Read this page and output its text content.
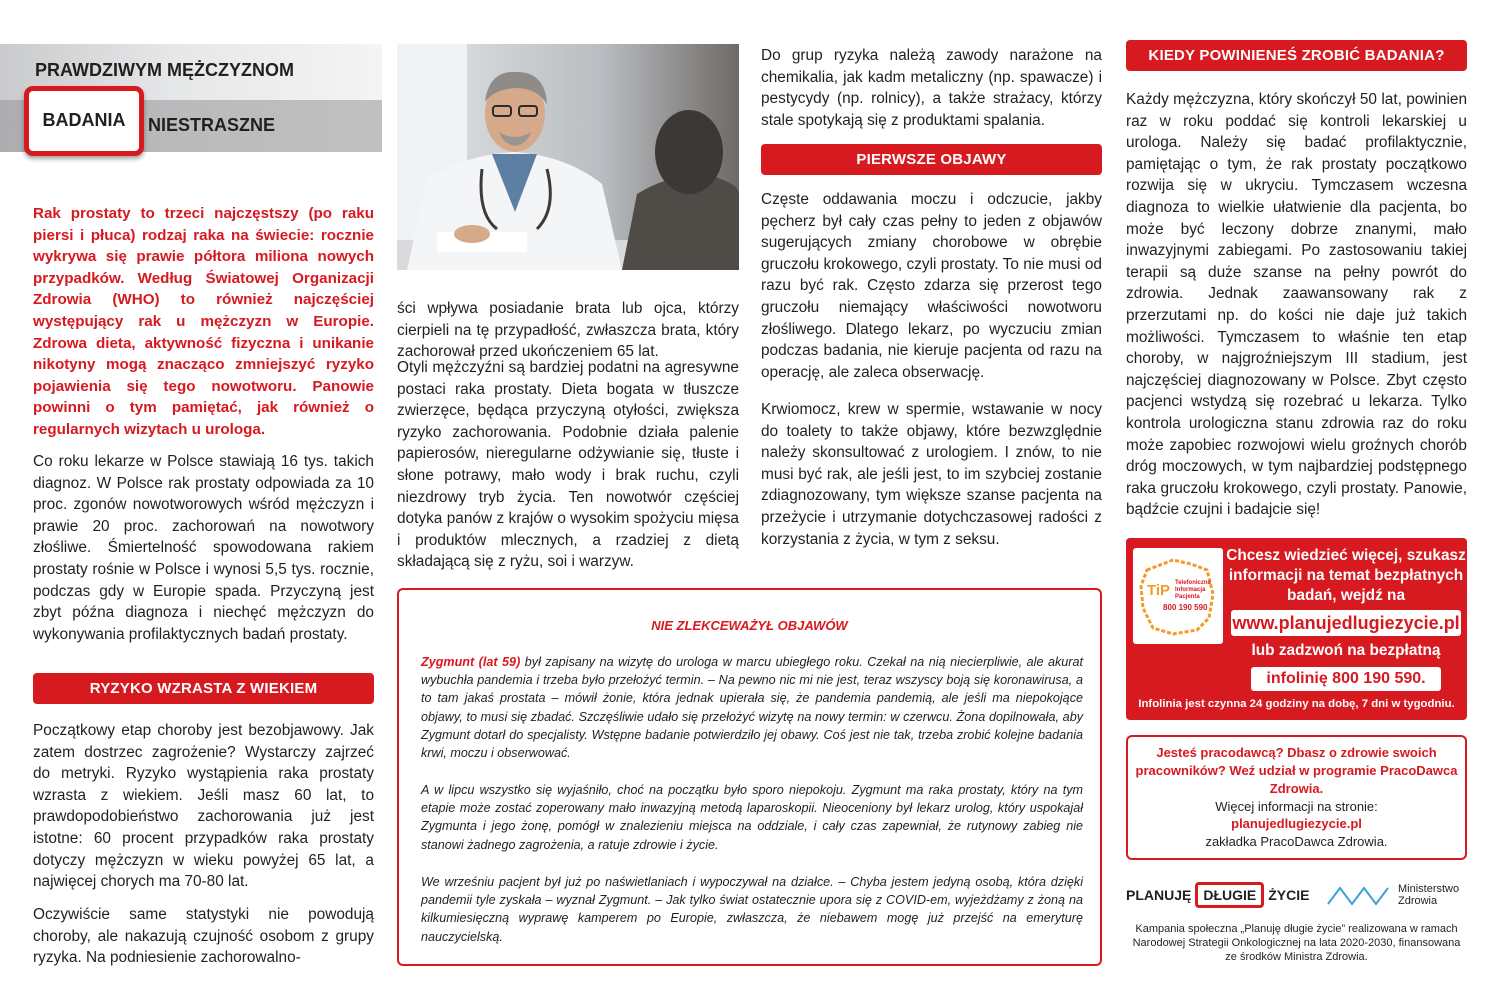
PRAWDZIWYM MĘŻCZYZNOM
BADANIA	NIESTRASZNE
Rak prostaty to trzeci najczęstszy (po raku piersi i płuca) rodzaj raka na świecie: rocznie wykrywa się prawie półtora miliona nowych przypadków. Według Światowej Organizacji Zdrowia (WHO) to również najczęściej występujący rak u mężczyzn w Europie. Zdrowa dieta, aktywność fizyczna i unikanie nikotyny mogą znacząco zmniejszyć ryzyko pojawienia się tego nowotworu. Panowie powinni o tym pamiętać, jak również o regularnych wizytach u urologa.
Co roku lekarze w Polsce stawiają 16 tys. takich diagnoz. W Polsce rak prostaty odpowiada za 10 proc. zgonów nowotworowych wśród mężczyzn i prawie 20 proc. zachorowań na nowotwory złośliwe. Śmiertelność spowodowana rakiem prostaty rośnie w Polsce i wynosi 5,5 tys. rocznie, podczas gdy w Europie spada. Przyczyną jest zbyt późna diagnoza i niechęć mężczyzn do wykonywania profilaktycznych badań prostaty.
RYZYKO WZRASTA Z WIEKIEM
Początkowy etap choroby jest bezobjawowy. Jak zatem dostrzec zagrożenie? Wystarczy zajrzeć do metryki. Ryzyko wystąpienia raka prostaty wzrasta z wiekiem. Jeśli masz 60 lat, to prawdopodobieństwo zachorowania już jest istotne: 60 procent przypadków raka prostaty dotyczy mężczyzn w wieku powyżej 65 lat, a najwięcej chorych ma 70-80 lat.
Oczywiście same statystyki nie powodują choroby, ale nakazują czujność osobom z grupy ryzyka. Na podniesienie zachorowalno-
ści wpływa posiadanie brata lub ojca, którzy cierpieli na tę przypadłość, zwłaszcza brata, który zachorował przed ukończeniem 65 lat.
Otyli mężczyźni są bardziej podatni na agresywne postaci raka prostaty. Dieta bogata w tłuszcze zwierzęce, będąca przyczyną otyłości, zwiększa ryzyko zachorowania. Podobnie działa palenie papierosów, nieregularne odżywianie się, tłuste i słone potrawy, mało wody i brak ruchu, czyli niezdrowy tryb życia. Ten nowotwór częściej dotyka panów z krajów o wysokim spożyciu mięsa i produktów mlecznych, a rzadziej z dietą składającą się z ryżu, soi i warzyw.
Do grup ryzyka należą zawody narażone na chemikalia, jak kadm metaliczny (np. spawacze) i pestycydy (np. rolnicy), a także strażacy, którzy stale spotykają się z produktami spalania.
PIERWSZE OBJAWY
Częste oddawania moczu i odczucie, jakby pęcherz był cały czas pełny to jeden z objawów sugerujących zmiany chorobowe w obrębie gruczołu krokowego, czyli prostaty. To nie musi od razu być rak. Często zdarza się przerost tego gruczołu niemający właściwości nowotworu złośliwego. Dlatego lekarz, po wyczuciu zmian podczas badania, nie kieruje pacjenta od razu na operację, ale zaleca obserwację.
Krwiomocz, krew w spermie, wstawanie w nocy do toalety to także objawy, które bezwzględnie należy skonsultować z urologiem. I znów, to nie musi być rak, ale jeśli jest, to im szybciej zostanie zdiagnozowany, tym większe szanse pacjenta na przeżycie i utrzymanie dotychczasowej radości z korzystania z życia, w tym z seksu.
NIE ZLEKCEWAŻYŁ OBJAWÓW
Zygmunt (lat 59) był zapisany na wizytę do urologa w marcu ubiegłego roku. Czekał na nią niecierpliwie, ale akurat wybuchła pandemia i trzeba było przełożyć termin. – Na pewno nic mi nie jest, teraz wszyscy boją się koronawirusa, a to tam jakaś prostata – mówił żonie, która jednak upierała się, że pandemia pandemią, ale jeśli ma niepokojące objawy, to musi się zbadać. Szczęśliwie udało się przełożyć wizytę na nowy termin: w czerwcu. Żona dopilnowała, aby Zygmunt dotarł do specjalisty. Wstępne badanie potwierdziło jej obawy. Coś jest nie tak, trzeba zrobić kolejne badania krwi, moczu i obserwować.
A w lipcu wszystko się wyjaśniło, choć na początku było sporo niepokoju. Zygmunt ma raka prostaty, który na tym etapie może zostać zoperowany mało inwazyjną metodą laparoskopii. Nieoceniony był lekarz urolog, który uspokajał Zygmunta i jego żonę, pomógł w znalezieniu miejsca na oddziale, i cały czas zapewniał, że rutynowy zabieg nie stanowi żadnego zagrożenia, a ratuje zdrowie i życie.
We wrześniu pacjent był już po naświetlaniach i wypoczywał na działce. – Chyba jestem jedyną osobą, która dzięki pandemii tyle zyskała – wyznał Zygmunt. – Jak tylko świat ostatecznie upora się z COVID-em, wyjeżdżamy z żoną na kilkumiesięczną wyprawę kamperem po Europie, zwłaszcza, że niebawem mogę już przejść na emeryturę nauczycielską.
KIEDY POWINIENEŚ ZROBIĆ BADANIA?
Każdy mężczyzna, który skończył 50 lat, powinien raz w roku poddać się kontroli lekarskiej u urologa. Należy się badać profilaktycznie, pamiętając o tym, że rak prostaty początkowo rozwija się w ukryciu. Tymczasem wczesna diagnoza to wielkie ułatwienie dla pacjenta, bo może być leczony dobrze znanymi, mało inwazyjnymi zabiegami. Po zastosowaniu takiej terapii są duże szanse na pełny powrót do zdrowia. Jednak zaawansowany rak z przerzutami np. do kości nie daje już takich możliwości. Tymczasem to właśnie ten etap choroby, w najgroźniejszym III stadium, jest najczęściej diagnozowany w Polsce. Zbyt często pacjenci wstydzą się rozebrać u lekarza. Tylko kontrola urologiczna stanu zdrowia raz do roku może zapobiec rozwojowi wielu groźnych chorób dróg moczowych, w tym najbardziej podstępnego raka gruczołu krokowego, czyli prostaty. Panowie, bądźcie czujni i badajcie się!
TiP Telefoniczna
Informacja
Pacjenta
800 190 590
Chcesz wiedzieć więcej, szukasz informacji na temat bezpłatnych badań, wejdź na
www.planujedlugiezycie.pl
lub zadzwoń na bezpłatną
infolinię 800 190 590.
Infolinia jest czynna 24 godziny na dobę, 7 dni w tygodniu.
Jesteś pracodawcą? Dbasz o zdrowie swoich pracowników? Weź udział w programie PracoDawca Zdrowia.
Więcej informacji na stronie:
planujedlugiezycie.pl
zakładka PracoDawca Zdrowia.
PLANUJĘ DŁUGIE ŻYCIE	Ministerstwo
Zdrowia
Kampania społeczna „Planuję długie życie” realizowana w ramach Narodowej Strategii Onkologicznej na lata 2020-2030, finansowana ze środków Ministra Zdrowia.
